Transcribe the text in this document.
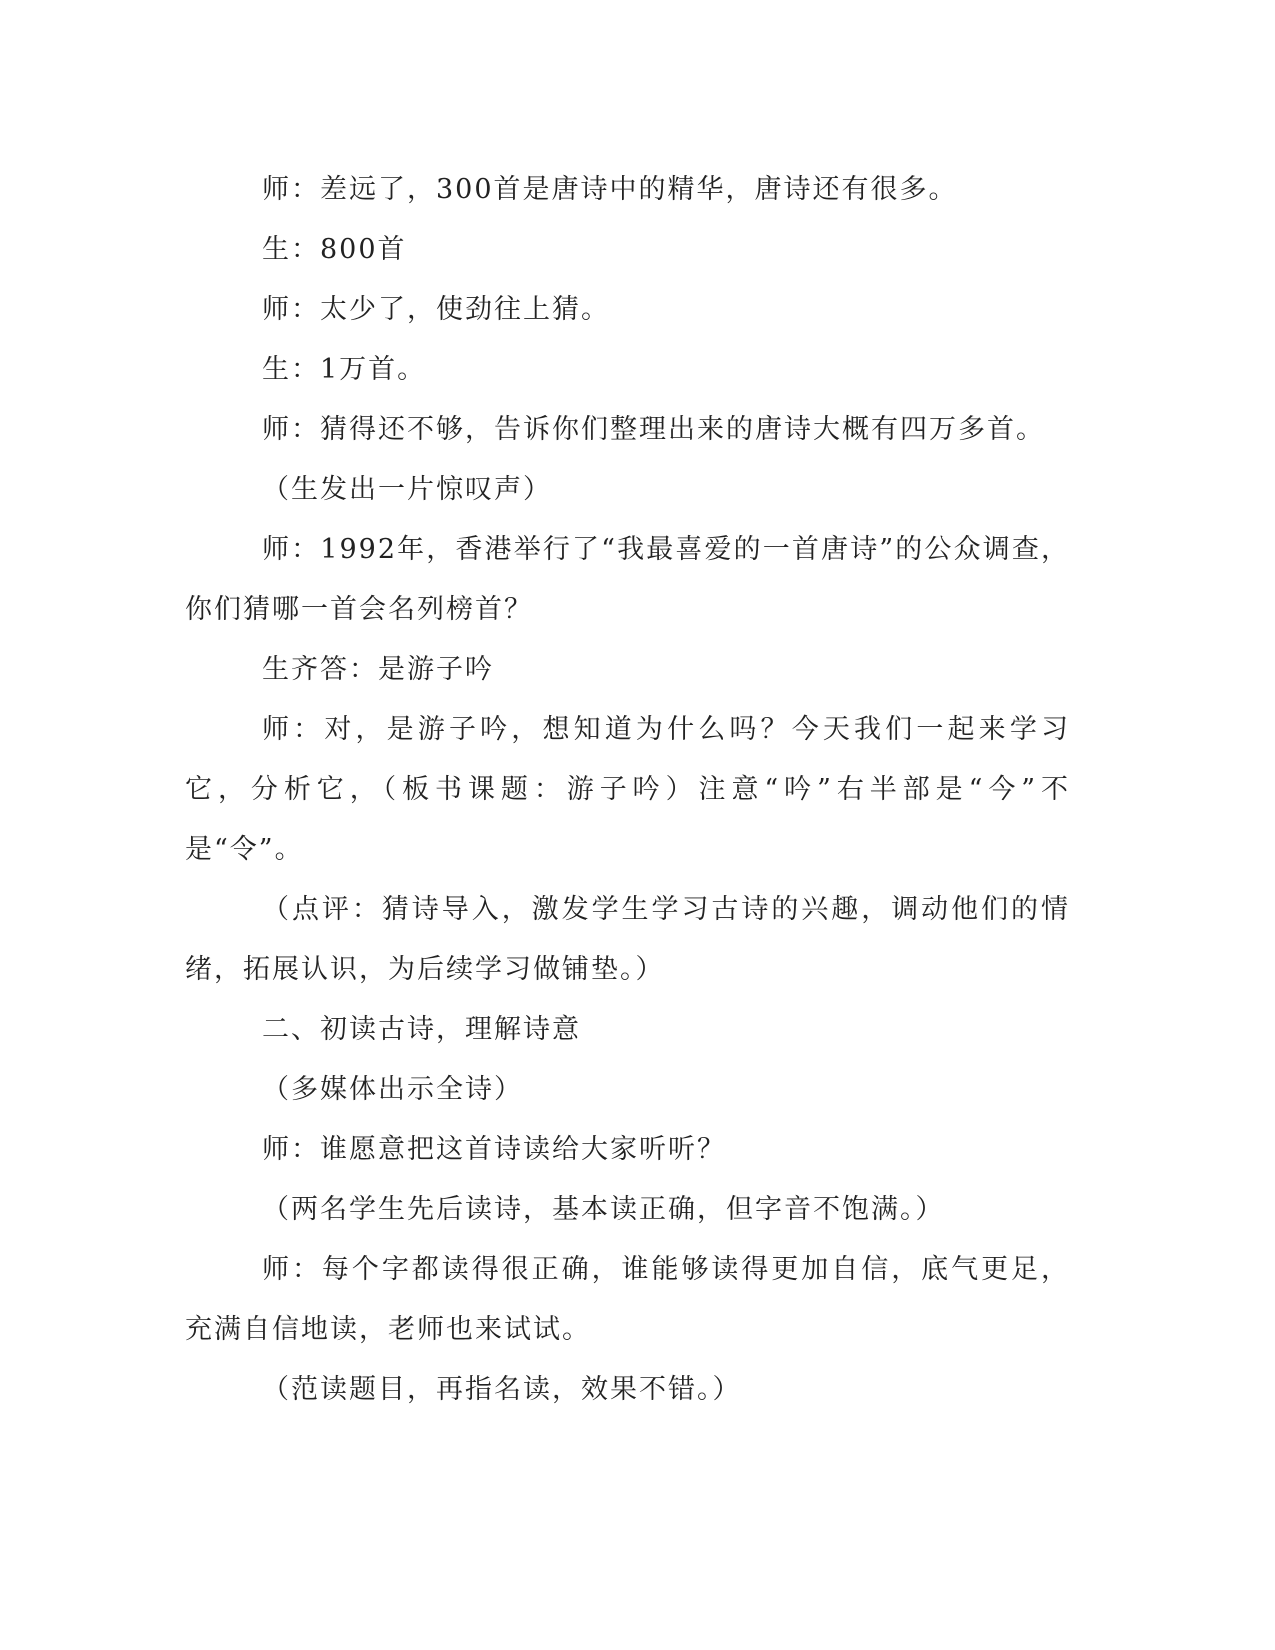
师：差远了，300首是唐诗中的精华，唐诗还有很多。

生：800首

师：太少了，使劲往上猜。

生：1万首。

师：猜得还不够，告诉你们整理出来的唐诗大概有四万多首。

（生发出一片惊叹声）

师：1992年，香港举行了“我最喜爱的一首唐诗”的公众调查，你们猜哪一首会名列榜首？

生齐答：是游子吟

师：对，是游子吟，想知道为什么吗？今天我们一起来学习它，分析它，（板书课题：游子吟）注意“吟”右半部是“今”不是“令”。

（点评：猜诗导入，激发学生学习古诗的兴趣，调动他们的情绪，拓展认识，为后续学习做铺垫。）

二、初读古诗，理解诗意

（多媒体出示全诗）

师：谁愿意把这首诗读给大家听听？

（两名学生先后读诗，基本读正确，但字音不饱满。）

师：每个字都读得很正确，谁能够读得更加自信，底气更足，充满自信地读，老师也来试试。

（范读题目，再指名读，效果不错。）
